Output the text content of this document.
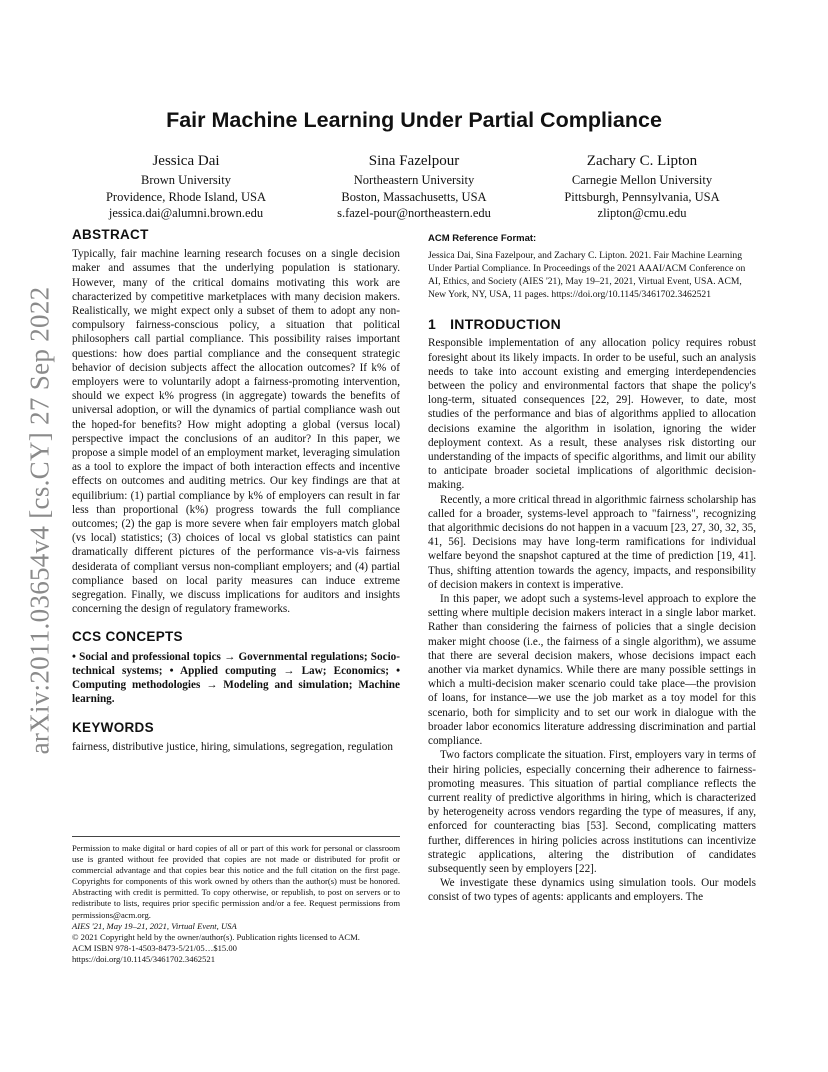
arXiv:2011.03654v4 [cs.CY] 27 Sep 2022
Fair Machine Learning Under Partial Compliance
Jessica Dai
Brown University
Providence, Rhode Island, USA
jessica.dai@alumni.brown.edu
Sina Fazelpour
Northeastern University
Boston, Massachusetts, USA
s.fazel-pour@northeastern.edu
Zachary C. Lipton
Carnegie Mellon University
Pittsburgh, Pennsylvania, USA
zlipton@cmu.edu
ABSTRACT

Typically, fair machine learning research focuses on a single decision maker and assumes that the underlying population is stationary. However, many of the critical domains motivating this work are characterized by competitive marketplaces with many decision makers. Realistically, we might expect only a subset of them to adopt any non-compulsory fairness-conscious policy, a situation that political philosophers call partial compliance. This possibility raises important questions: how does partial compliance and the consequent strategic behavior of decision subjects affect the allocation outcomes? If k% of employers were to voluntarily adopt a fairness-promoting intervention, should we expect k% progress (in aggregate) towards the benefits of universal adoption, or will the dynamics of partial compliance wash out the hoped-for benefits? How might adopting a global (versus local) perspective impact the conclusions of an auditor? In this paper, we propose a simple model of an employment market, leveraging simulation as a tool to explore the impact of both interaction effects and incentive effects on outcomes and auditing metrics. Our key findings are that at equilibrium: (1) partial compliance by k% of employers can result in far less than proportional (k%) progress towards the full compliance outcomes; (2) the gap is more severe when fair employers match global (vs local) statistics; (3) choices of local vs global statistics can paint dramatically different pictures of the performance vis-a-vis fairness desiderata of compliant versus non-compliant employers; and (4) partial compliance based on local parity measures can induce extreme segregation. Finally, we discuss implications for auditors and insights concerning the design of regulatory frameworks.

CCS CONCEPTS

• Social and professional topics → Governmental regulations; Socio-technical systems; • Applied computing → Law; Economics; • Computing methodologies → Modeling and simulation; Machine learning.

KEYWORDS

fairness, distributive justice, hiring, simulations, segregation, regulation

Permission to make digital or hard copies of all or part of this work for personal or classroom use is granted without fee provided that copies are not made or distributed for profit or commercial advantage and that copies bear this notice and the full citation on the first page. Copyrights for components of this work owned by others than the author(s) must be honored. Abstracting with credit is permitted. To copy otherwise, or republish, to post on servers or to redistribute to lists, requires prior specific permission and/or a fee. Request permissions from permissions@acm.org.

AIES '21, May 19–21, 2021, Virtual Event, USA

© 2021 Copyright held by the owner/author(s). Publication rights licensed to ACM.

ACM ISBN 978-1-4503-8473-5/21/05…$15.00

https://doi.org/10.1145/3461702.3462521

ACM Reference Format:

Jessica Dai, Sina Fazelpour, and Zachary C. Lipton. 2021. Fair Machine Learning Under Partial Compliance. In Proceedings of the 2021 AAAI/ACM Conference on AI, Ethics, and Society (AIES '21), May 19–21, 2021, Virtual Event, USA. ACM, New York, NY, USA, 11 pages. https://doi.org/10.1145/3461702.3462521

1 INTRODUCTION

Responsible implementation of any allocation policy requires robust foresight about its likely impacts. In order to be useful, such an analysis needs to take into account existing and emerging interdependencies between the policy and environmental factors that shape the policy's long-term, situated consequences [22, 29]. However, to date, most studies of the performance and bias of algorithms applied to allocation decisions examine the algorithm in isolation, ignoring the wider deployment context. As a result, these analyses risk distorting our understanding of the impacts of specific algorithms, and limit our ability to anticipate broader societal implications of algorithmic decision-making.

Recently, a more critical thread in algorithmic fairness scholarship has called for a broader, systems-level approach to "fairness", recognizing that algorithmic decisions do not happen in a vacuum [23, 27, 30, 32, 35, 41, 56]. Decisions may have long-term ramifications for individual welfare beyond the snapshot captured at the time of prediction [19, 41]. Thus, shifting attention towards the agency, impacts, and responsibility of decision makers in context is imperative.

In this paper, we adopt such a systems-level approach to explore the setting where multiple decision makers interact in a single labor market. Rather than considering the fairness of policies that a single decision maker might choose (i.e., the fairness of a single algorithm), we assume that there are several decision makers, whose decisions impact each another via market dynamics. While there are many possible settings in which a multi-decision maker scenario could take place—the provision of loans, for instance—we use the job market as a toy model for this scenario, both for simplicity and to set our work in dialogue with the broader labor economics literature addressing discrimination and partial compliance.

Two factors complicate the situation. First, employers vary in terms of their hiring policies, especially concerning their adherence to fairness-promoting measures. This situation of partial compliance reflects the current reality of predictive algorithms in hiring, which is characterized by heterogeneity across vendors regarding the type of measures, if any, enforced for counteracting bias [53]. Second, complicating matters further, differences in hiring policies across institutions can incentivize strategic applications, altering the distribution of candidates subsequently seen by employers [22].

We investigate these dynamics using simulation tools. Our models consist of two types of agents: applicants and employers. The
